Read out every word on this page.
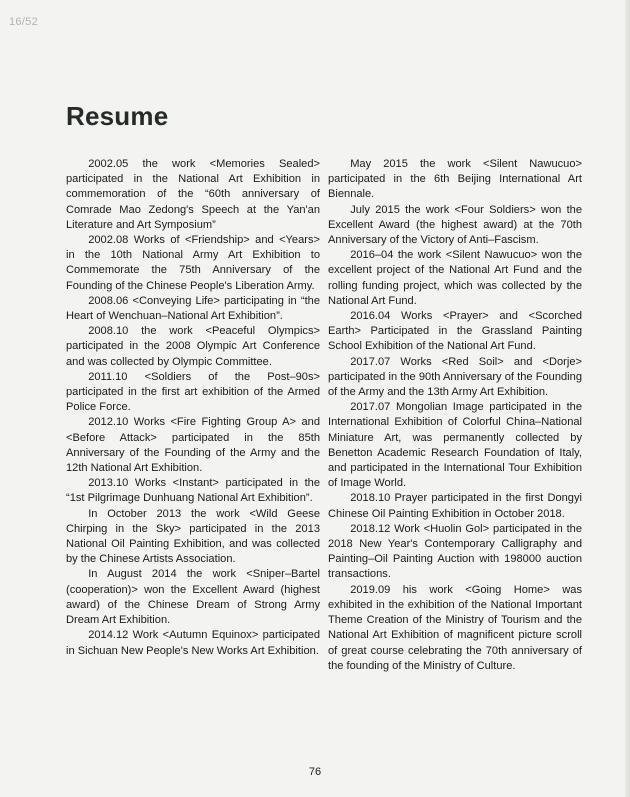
16/52
Resume

2002.05 the work <Memories Sealed> participated in the National Art Exhibition in commemoration of the “60th anniversary of Comrade Mao Zedong's Speech at the Yan'an Literature and Art Symposium”

2002.08 Works of <Friendship> and <Years> in the 10th National Army Art Exhibition to Commemorate the 75th Anniversary of the Founding of the Chinese People's Liberation Army.

2008.06 <Conveying Life> participating in “the Heart of Wenchuan–National Art Exhibition”.

2008.10 the work <Peaceful Olympics> participated in the 2008 Olympic Art Conference and was collected by Olympic Committee.

2011.10 <Soldiers of the Post–90s> participated in the first art exhibition of the Armed Police Force.

2012.10 Works <Fire Fighting Group A> and <Before Attack> participated in the 85th Anniversary of the Founding of the Army and the 12th National Art Exhibition.

2013.10 Works <Instant> participated in the “1st Pilgrimage Dunhuang National Art Exhibition”.

In October 2013 the work <Wild Geese Chirping in the Sky> participated in the 2013 National Oil Painting Exhibition, and was collected by the Chinese Artists Association.

In August 2014 the work <Sniper–Bartel (cooperation)> won the Excellent Award (highest award) of the Chinese Dream of Strong Army Dream Art Exhibition.

2014.12 Work <Autumn Equinox> participated in Sichuan New People's New Works Art Exhibition.

May 2015 the work <Silent Nawucuo> participated in the 6th Beijing International Art Biennale.

July 2015 the work <Four Soldiers> won the Excellent Award (the highest award) at the 70th Anniversary of the Victory of Anti–Fascism.

2016–04 the work <Silent Nawucuo> won the excellent project of the National Art Fund and the rolling funding project, which was collected by the National Art Fund.

2016.04 Works <Prayer> and <Scorched Earth> Participated in the Grassland Painting School Exhibition of the National Art Fund.

2017.07 Works <Red Soil> and <Dorje> participated in the 90th Anniversary of the Founding of the Army and the 13th Army Art Exhibition.

2017.07 Mongolian Image participated in the International Exhibition of Colorful China–National Miniature Art, was permanently collected by Benetton Academic Research Foundation of Italy, and participated in the International Tour Exhibition of Image World.

2018.10 Prayer participated in the first Dongyi Chinese Oil Painting Exhibition in October 2018.

2018.12 Work <Huolin Gol> participated in the 2018 New Year's Contemporary Calligraphy and Painting–Oil Painting Auction with 198000 auction transactions.

2019.09 his work <Going Home> was exhibited in the exhibition of the National Important Theme Creation of the Ministry of Tourism and the National Art Exhibition of magnificent picture scroll of great course celebrating the 70th anniversary of the founding of the Ministry of Culture.

76
